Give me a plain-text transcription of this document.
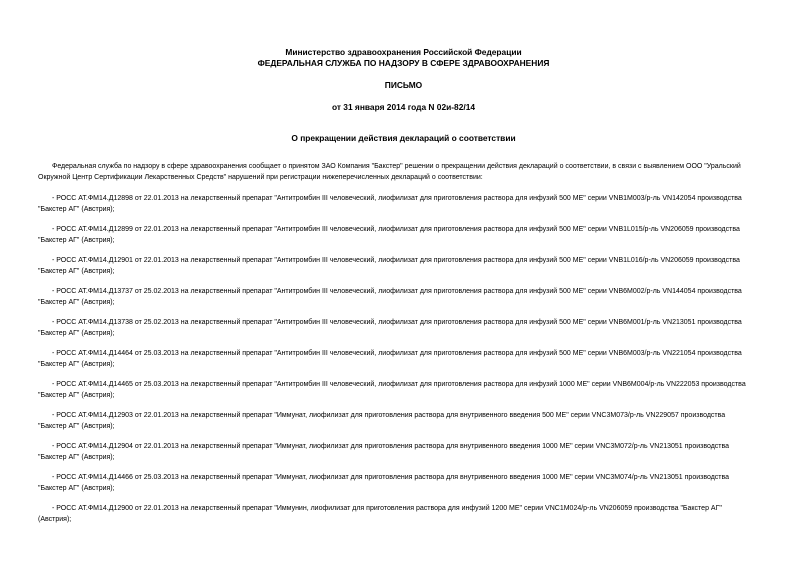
Министерство здравоохранения Российской Федерации
ФЕДЕРАЛЬНАЯ СЛУЖБА ПО НАДЗОРУ В СФЕРЕ ЗДРАВООХРАНЕНИЯ
ПИСЬМО
от 31 января 2014 года N 02и-82/14
О прекращении действия деклараций о соответствии
Федеральная служба по надзору в сфере здравоохранения сообщает о принятом ЗАО Компания "Бакстер" решении о прекращении действия деклараций о соответствии, в связи с выявлением ООО "Уральский
Окружной Центр Сертификации Лекарственных Средств" нарушений при регистрации нижеперечисленных деклараций о соответствии:
- РОСС АТ.ФМ14.Д12898 от 22.01.2013 на лекарственный препарат "Антитромбин III человеческий, лиофилизат для приготовления раствора для инфузий 500 МЕ" серии VNB1M003/р-ль VN142054 производства
"Бакстер АГ" (Австрия);
- РОСС АТ.ФМ14.Д12899 от 22.01.2013 на лекарственный препарат "Антитромбин III человеческий, лиофилизат для приготовления раствора для инфузий 500 МЕ" серии VNB1L015/р-ль VN206059 производства
"Бакстер АГ" (Австрия);
- РОСС АТ.ФМ14.Д12901 от 22.01.2013 на лекарственный препарат "Антитромбин III человеческий, лиофилизат для приготовления раствора для инфузий 500 МЕ" серии VNB1L016/р-ль VN206059 производства
"Бакстер АГ" (Австрия);
- РОСС АТ.ФМ14.Д13737 от 25.02.2013 на лекарственный препарат "Антитромбин III человеческий, лиофилизат для приготовления раствора для инфузий 500 МЕ" серии VNB6M002/р-ль VN144054 производства
"Бакстер АГ" (Австрия);
- РОСС АТ.ФМ14.Д13738 от 25.02.2013 на лекарственный препарат "Антитромбин III человеческий, лиофилизат для приготовления раствора для инфузий 500 МЕ" серии VNB6M001/р-ль VN213051 производства
"Бакстер АГ" (Австрия);
- РОСС АТ.ФМ14.Д14464 от 25.03.2013 на лекарственный препарат "Антитромбин III человеческий, лиофилизат для приготовления раствора для инфузий 500 МЕ" серии VNB6M003/р-ль VN221054 производства
"Бакстер АГ" (Австрия);
- РОСС АТ.ФМ14.Д14465 от 25.03.2013 на лекарственный препарат "Антитромбин III человеческий, лиофилизат для приготовления раствора для инфузий 1000 МЕ" серии VNB6M004/р-ль VN222053 производства
"Бакстер АГ" (Австрия);
- РОСС АТ.ФМ14.Д12903 от 22.01.2013 на лекарственный препарат "Иммунат, лиофилизат для приготовления раствора для внутривенного введения 500 МЕ" серии VNC3M073/р-ль VN229057 производства
"Бакстер АГ" (Австрия);
- РОСС АТ.ФМ14.Д12904 от 22.01.2013 на лекарственный препарат "Иммунат, лиофилизат для приготовления раствора для внутривенного введения 1000 МЕ" серии VNC3M072/р-ль VN213051 производства
"Бакстер АГ" (Австрия);
- РОСС АТ.ФМ14.Д14466 от 25.03.2013 на лекарственный препарат "Иммунат, лиофилизат для приготовления раствора для внутривенного введения 1000 МЕ" серии VNC3M074/р-ль VN213051 производства
"Бакстер АГ" (Австрия);
- РОСС АТ.ФМ14.Д12900 от 22.01.2013 на лекарственный препарат "Иммунин, лиофилизат для приготовления раствора для инфузий 1200 МЕ" серии VNC1M024/р-ль VN206059 производства "Бакстер АГ"
(Австрия);
